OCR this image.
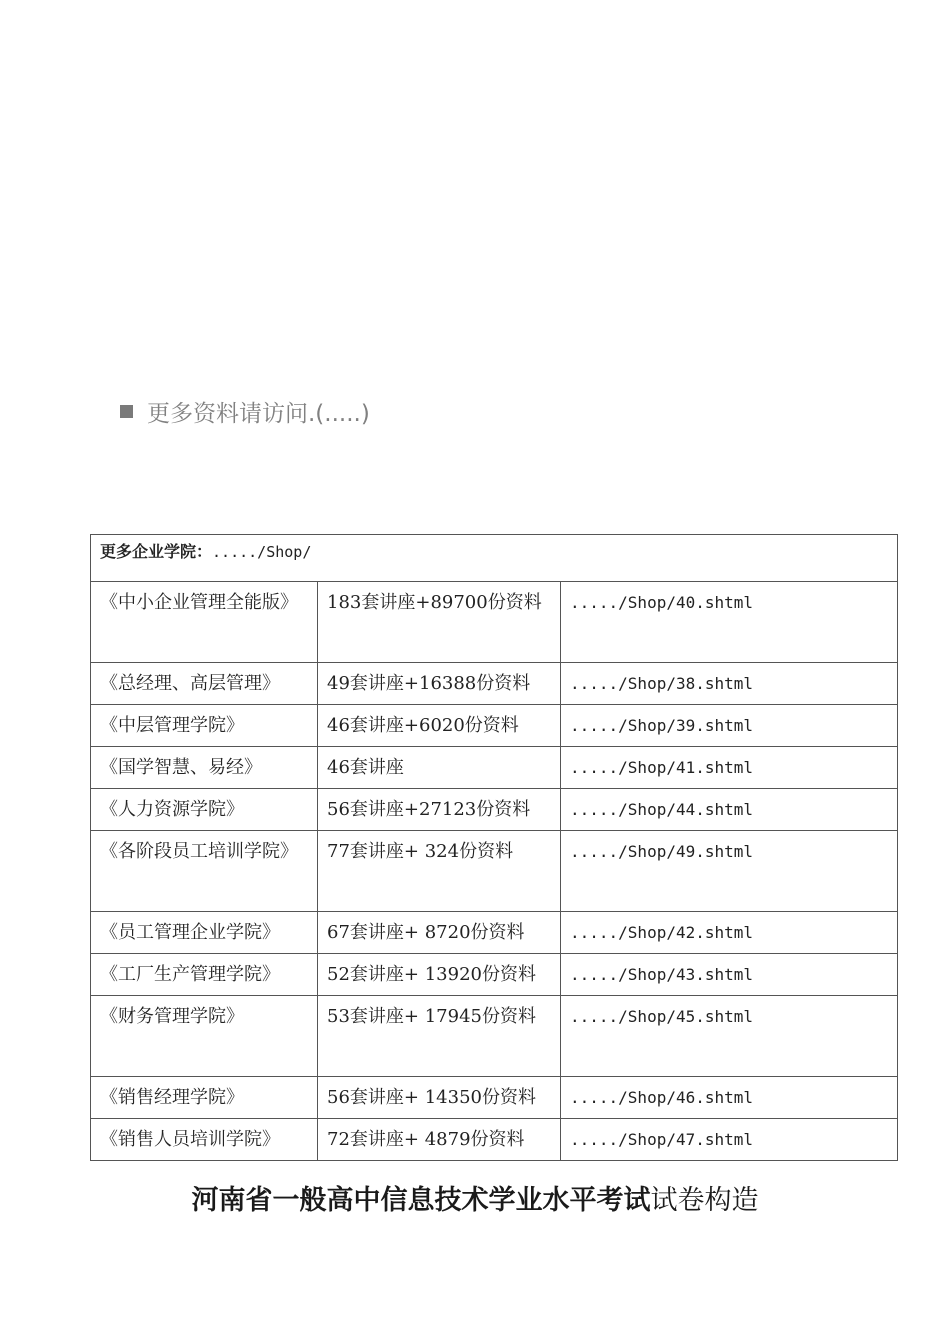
更多资料请访问.(.....)
更多企业学院：...../Shop/		
《中小企业管理全能版》	183套讲座+89700份资料	...../Shop/40.shtml
《总经理、高层管理》	49套讲座+16388份资料	...../Shop/38.shtml
《中层管理学院》	46套讲座+6020份资料	...../Shop/39.shtml
《国学智慧、易经》	46套讲座	...../Shop/41.shtml
《人力资源学院》	56套讲座+27123份资料	...../Shop/44.shtml
《各阶段员工培训学院》	77套讲座+ 324份资料	...../Shop/49.shtml
《员工管理企业学院》	67套讲座+ 8720份资料	...../Shop/42.shtml
《工厂生产管理学院》	52套讲座+ 13920份资料	...../Shop/43.shtml
《财务管理学院》	53套讲座+ 17945份资料	...../Shop/45.shtml
《销售经理学院》	56套讲座+ 14350份资料	...../Shop/46.shtml
《销售人员培训学院》	72套讲座+ 4879份资料	...../Shop/47.shtml
河南省一般高中信息技术学业水平考试试卷构造
